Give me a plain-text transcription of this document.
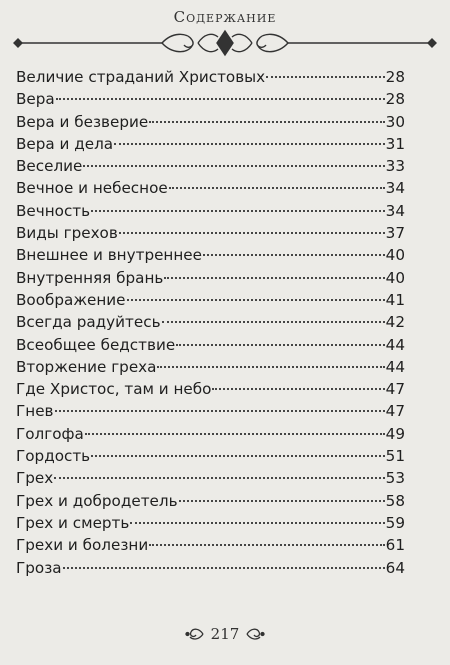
Содержание
Величие страданий Христовых	28
Вера	28
Вера и безверие	30
Вера и дела	31
Веселие	33
Вечное и небесное	34
Вечность	34
Виды грехов	37
Внешнее и внутреннее	40
Внутренняя брань	40
Воображение	41
Всегда радуйтесь	42
Всеобщее бедствие	44
Вторжение греха	44
Где Христос, там и небо	47
Гнев	47
Голгофа	49
Гордость	51
Грех	53
Грех и добродетель	58
Грех и смерть	59
Грехи и болезни	61
Гроза	64
217
